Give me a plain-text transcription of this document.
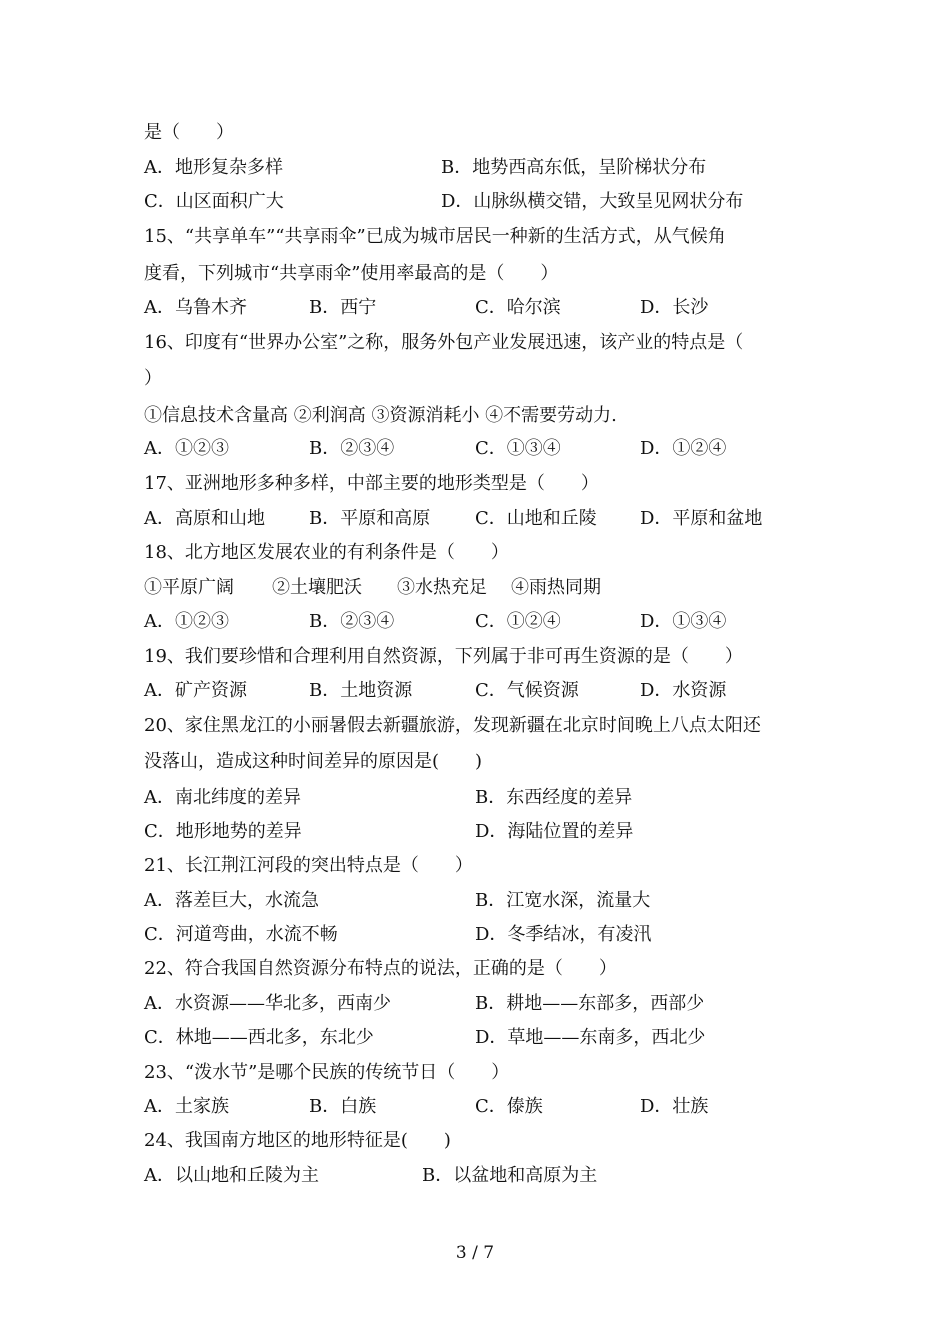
是（　　）
A．地形复杂多样	B．地势西高东低，呈阶梯状分布
C．山区面积广大	D．山脉纵横交错，大致呈见网状分布
15、“共享单车”“共享雨伞”已成为城市居民一种新的生活方式，从气候角
度看，下列城市“共享雨伞”使用率最高的是（　　）
A．乌鲁木齐	B．西宁	C．哈尔滨	D．长沙
16、印度有“世界办公室”之称，服务外包产业发展迅速，该产业的特点是（
）
①信息技术含量高 ②利润高 ③资源消耗小 ④不需要劳动力.
A．①②③	B．②③④	C．①③④	D．①②④
17、亚洲地形多种多样，中部主要的地形类型是（　　）
A．高原和山地 B．平原和高原 C．山地和丘陵 D．平原和盆地
18、北方地区发展农业的有利条件是（　　）
①平原广阔 ②土壤肥沃 ③水热充足 ④雨热同期
A．①②③	B．②③④	C．①②④	D．①③④
19、我们要珍惜和合理利用自然资源，下列属于非可再生资源的是（　　）
A．矿产资源	B．土地资源	C．气候资源	D．水资源
20、家住黑龙江的小丽暑假去新疆旅游，发现新疆在北京时间晚上八点太阳还
没落山，造成这种时间差异的原因是(　　)
A．南北纬度的差异	B．东西经度的差异
C．地形地势的差异	D．海陆位置的差异
21、长江荆江河段的突出特点是（　　）
A．落差巨大，水流急	B．江宽水深，流量大
C．河道弯曲，水流不畅	D．冬季结冰，有凌汛
22、符合我国自然资源分布特点的说法，正确的是（　　）
A．水资源——华北多，西南少	B．耕地——东部多，西部少
C．林地——西北多，东北少	D．草地——东南多，西北少
23、“泼水节”是哪个民族的传统节日（　　）
A．土家族	B．白族	C．傣族	D．壮族
24、我国南方地区的地形特征是(　　)
A．以山地和丘陵为主	B．以盆地和高原为主
3 / 7
